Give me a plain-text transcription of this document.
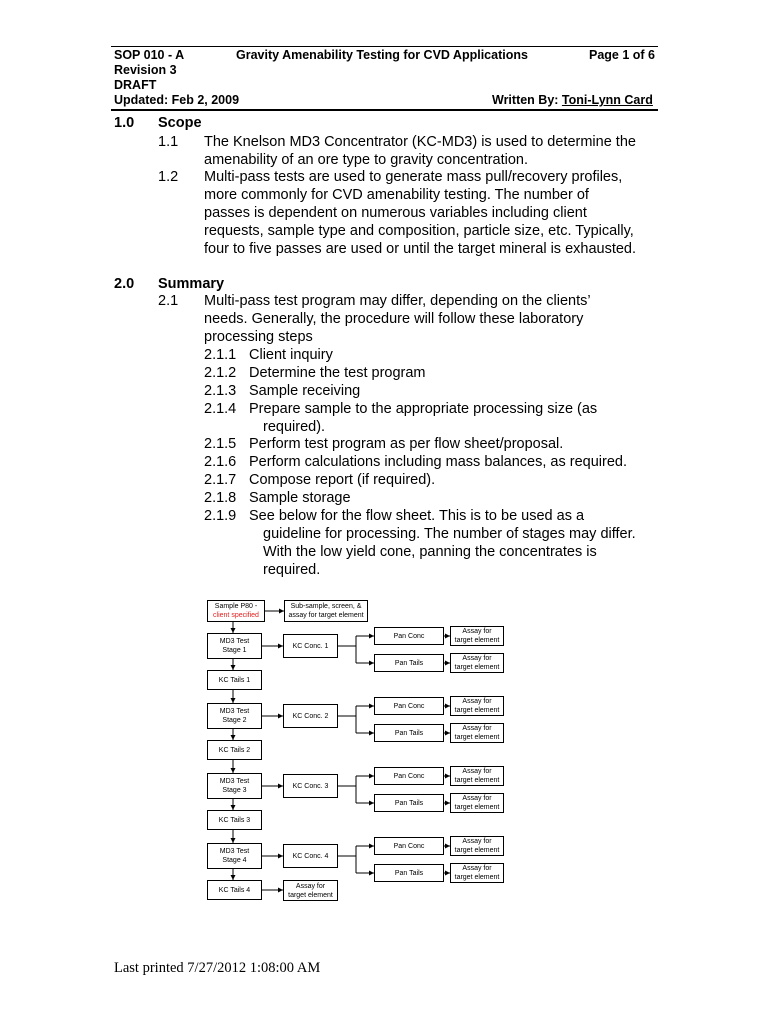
SOP 010 - A	Gravity Amenability Testing for CVD Applications	Page 1 of 6
Revision 3
DRAFT
Updated: Feb 2, 2009	Written By: Toni-Lynn Card
1.0 Scope
1.1 The Knelson MD3 Concentrator (KC-MD3) is used to determine the
amenability of an ore type to gravity concentration.
1.2 Multi-pass tests are used to generate mass pull/recovery profiles,
more commonly for CVD amenability testing. The number of
passes is dependent on numerous variables including client
requests, sample type and composition, particle size, etc. Typically,
four to five passes are used or until the target mineral is exhausted.
2.0 Summary
2.1 Multi-pass test program may differ, depending on the clients’
needs. Generally, the procedure will follow these laboratory
processing steps
2.1.1 Client inquiry
2.1.2 Determine the test program
2.1.3 Sample receiving
2.1.4 Prepare sample to the appropriate processing size (as
required).
2.1.5 Perform test program as per flow sheet/proposal.
2.1.6 Perform calculations including mass balances, as required.
2.1.7 Compose report (if required).
2.1.8 Sample storage
2.1.9 See below for the flow sheet. This is to be used as a
guideline for processing. The number of stages may differ.
With the low yield cone, panning the concentrates is
required.
Sample P80 -
client specified
Sub-sample, screen, & assay for target element
MD3 Test Stage 1
KC Conc. 1
Pan Conc
Pan Tails
Assay for target element
Assay for target element
KC Tails 1
MD3 Test Stage 2
KC Conc. 2
Pan Conc
Pan Tails
Assay for target element
Assay for target element
KC Tails 2
MD3 Test Stage 3
KC Conc. 3
Pan Conc
Pan Tails
Assay for target element
Assay for target element
KC Tails 3
MD3 Test Stage 4
KC Conc. 4
Pan Conc
Pan Tails
Assay for target element
Assay for target element
KC Tails 4
Assay for target element
Last printed 7/27/2012 1:08:00 AM
